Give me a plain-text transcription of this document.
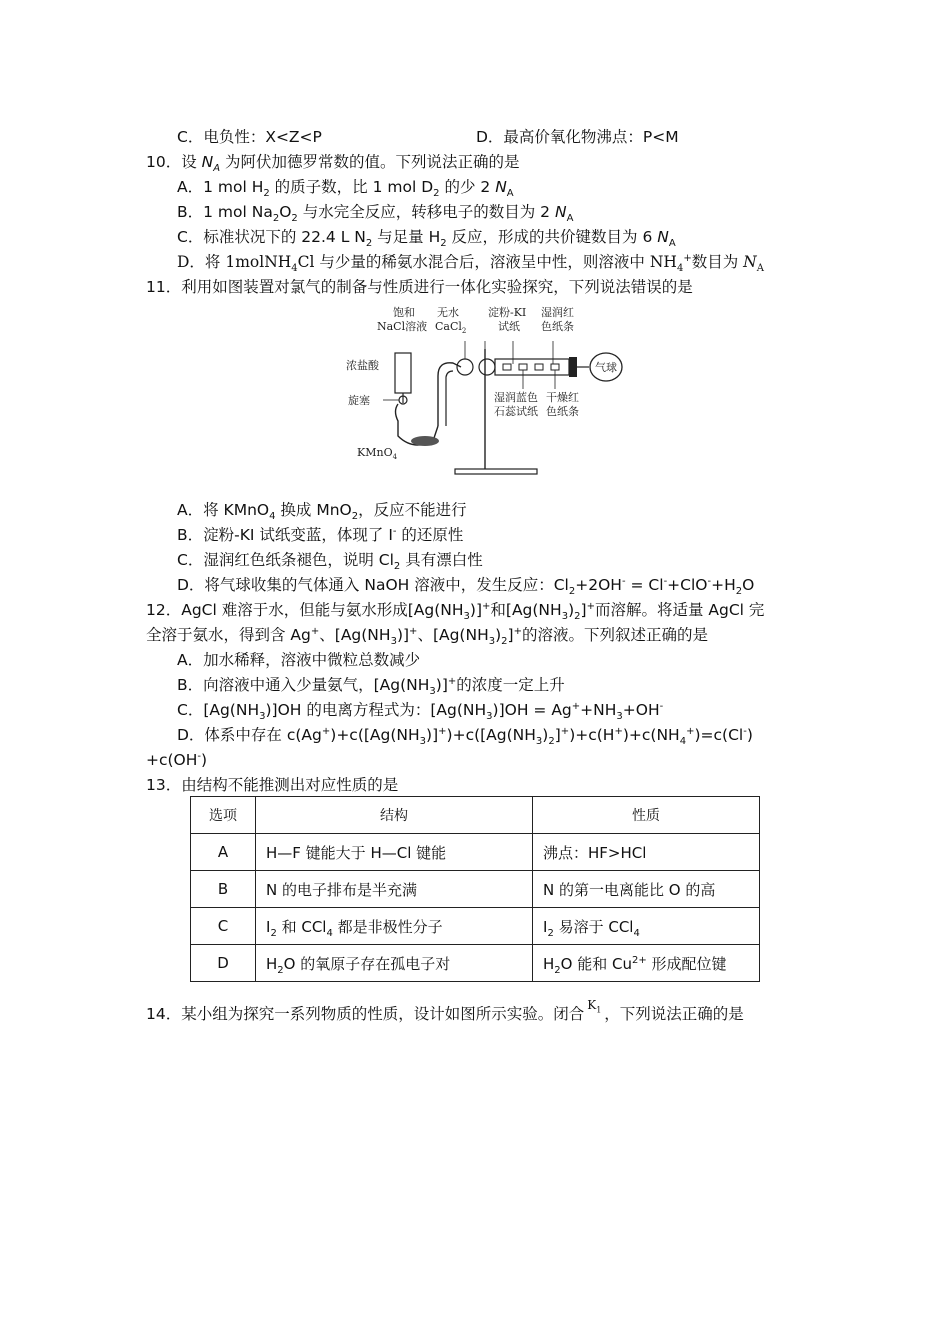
C．电负性：X<Z<P	D．最高价氧化物沸点：P<M
10．设 $N_A$ 为阿伏加德罗常数的值。下列说法正确的是
A．1 mol $H_2$ 的质子数，比 1 mol $D_2$ 的少 2 $N_A$
B．1 mol $Na_2O_2$ 与水完全反应，转移电子的数目为 2 $N_A$
C．标准状况下的 22.4 L $N_2$ 与足量 $H_2$ 反应，形成的共价键数目为 6 $N_A$
D．将 1molNH$_4$Cl 与少量的稀氨水混合后，溶液呈中性，则溶液中 $NH_4^+$数目为 $N_A$
11．利用如图装置对氯气的制备与性质进行一体化实验探究，下列说法错误的是
饱和
NaCl溶液
无水
CaCl$_2$
淀粉-KI
试纸
湿润红
色纸条
浓盐酸
旋塞
KMnO$_4$
湿润蓝色
石蕊试纸
干燥红
色纸条
气球
A．将 KMnO$_4$ 换成 MnO$_2$，反应不能进行
B．淀粉-KI 试纸变蓝，体现了 I- 的还原性
C．湿润红色纸条褪色，说明 $Cl_2$ 具有漂白性
D．将气球收集的气体通入 NaOH 溶液中，发生反应：$Cl_2+2OH^- = Cl^-+ClO^-+H_2O$
12．AgCl 难溶于水，但能与氨水形成$[Ag(NH_3)]^+$和$[Ag(NH_3)_2]^+$而溶解。将适量 AgCl 完
全溶于氨水，得到含 Ag+、$[Ag(NH_3)]^+$、$[Ag(NH_3)_2]^+$的溶液。下列叙述正确的是
A．加水稀释，溶液中微粒总数减少
B．向溶液中通入少量氨气，$[Ag(NH_3)]^+$的浓度一定上升
C．$[Ag(NH_3)]OH$ 的电离方程式为：$[Ag(NH_3)]OH = Ag^++NH_3+OH^-$
D．体系中存在 $c(Ag^+)+c([Ag(NH_3)]^+)+c([Ag(NH_3)_2]^+)+c(H^+)+c(NH_4^+)=c(Cl^-)$
+c(OH-)
13．由结构不能推测出对应性质的是
选项	结构	性质
A	H—F 键能大于 H—Cl 键能	沸点：HF>HCl
B	N 的电子排布是半充满	N 的第一电离能比 O 的高
C	$I_2$ 和 CCl$_4$ 都是非极性分子	$I_2$ 易溶于 CCl$_4$
D	$H_2O$ 的氧原子存在孤电子对	$H_2O$ 能和 $Cu^{2+}$ 形成配位键
14．某小组为探究一系列物质的性质，设计如图所示实验。闭合 $^{K_1}$ ，下列说法正确的是
